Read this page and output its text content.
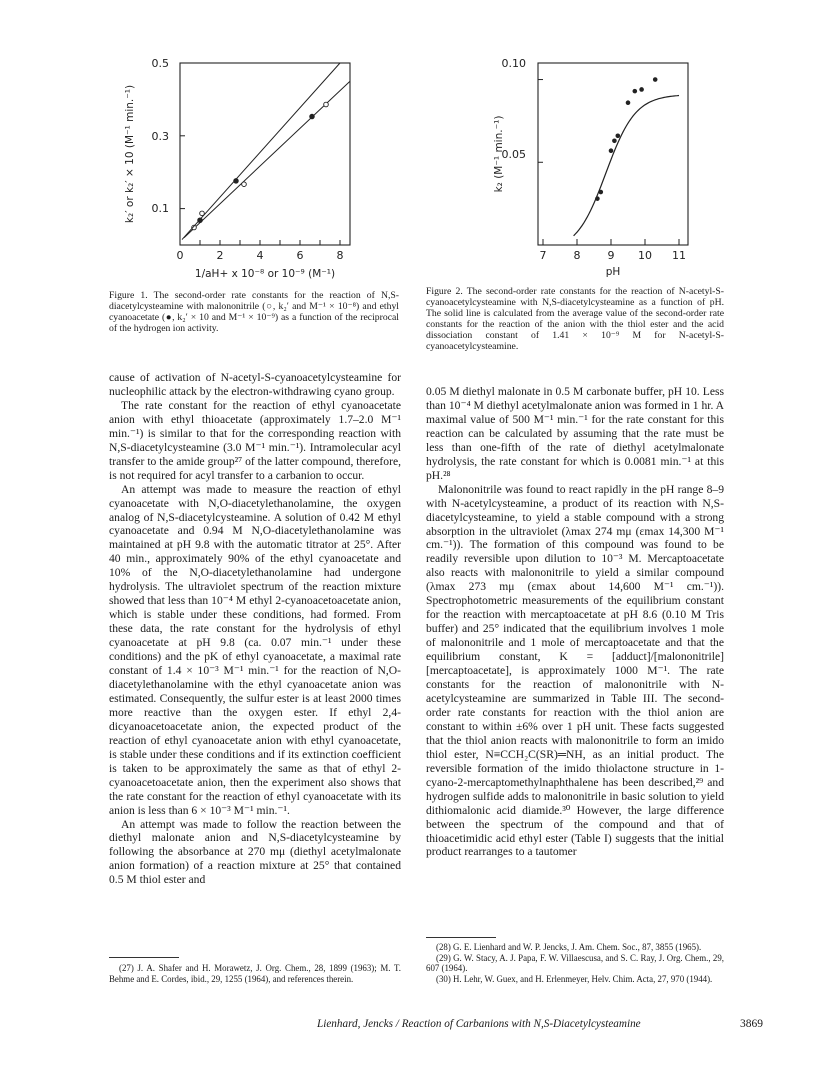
0.5
0.3
0.1
0	2	4	6	8
1/aH+ x 10⁻⁸ or 10⁻⁹ (M⁻¹)
k₂′ or k₂′ × 10 (M⁻¹ min.⁻¹)
Figure 1. The second-order rate constants for the reaction of N,S-diacetylcysteamine with malononitrile (○, k₂′ and M⁻¹ × 10⁻⁸) and ethyl cyanoacetate (●, k₂′ × 10 and M⁻¹ × 10⁻⁹) as a function of the reciprocal of the hydrogen ion activity.
0.10
0.05
7 8 9 10 11
pH
k₂ (M⁻¹ min.⁻¹)
Figure 2. The second-order rate constants for the reaction of N-acetyl-S-cyanoacetylcysteamine with N,S-diacetylcysteamine as a function of pH. The solid line is calculated from the average value of the second-order rate constants for the reaction of the anion with the thiol ester and the acid dissociation constant of 1.41 × 10⁻⁹ M for N-acetyl-S-cyanoacetylcysteamine.

cause of activation of N-acetyl-S-cyanoacetylcysteamine for nucleophilic attack by the electron-withdrawing cyano group.

The rate constant for the reaction of ethyl cyanoacetate anion with ethyl thioacetate (approximately 1.7–2.0 M⁻¹ min.⁻¹) is similar to that for the corresponding reaction with N,S-diacetylcysteamine (3.0 M⁻¹ min.⁻¹). Intramolecular acyl transfer to the amide group²⁷ of the latter compound, therefore, is not required for acyl transfer to a carbanion to occur.

An attempt was made to measure the reaction of ethyl cyanoacetate with N,O-diacetylethanolamine, the oxygen analog of N,S-diacetylcysteamine. A solution of 0.42 M ethyl cyanoacetate and 0.94 M N,O-diacetylethanolamine was maintained at pH 9.8 with the automatic titrator at 25°. After 40 min., approximately 90% of the ethyl cyanoacetate and 10% of the N,O-diacetylethanolamine had undergone hydrolysis. The ultraviolet spectrum of the reaction mixture showed that less than 10⁻⁴ M ethyl 2-cyanoacetoacetate anion, which is stable under these conditions, had formed. From these data, the rate constant for the hydrolysis of ethyl cyanoacetate at pH 9.8 (ca. 0.07 min.⁻¹ under these conditions) and the pK of ethyl cyanoacetate, a maximal rate constant of 1.4 × 10⁻³ M⁻¹ min.⁻¹ for the reaction of N,O-diacetylethanolamine with the ethyl cyanoacetate anion was estimated. Consequently, the sulfur ester is at least 2000 times more reactive than the oxygen ester. If ethyl 2,4-dicyanoacetoacetate anion, the expected product of the reaction of ethyl cyanoacetate anion with ethyl cyanoacetate, is stable under these conditions and if its extinction coefficient is taken to be approximately the same as that of ethyl 2-cyanoacetoacetate anion, then the experiment also shows that the rate constant for the reaction of ethyl cyanoacetate with its anion is less than 6 × 10⁻³ M⁻¹ min.⁻¹.

An attempt was made to follow the reaction between the diethyl malonate anion and N,S-diacetylcysteamine by following the absorbance at 270 mμ (diethyl acetylmalonate anion formation) of a reaction mixture at 25° that contained 0.5 M thiol ester and

(27) J. A. Shafer and H. Morawetz, J. Org. Chem., 28, 1899 (1963); M. T. Behme and E. Cordes, ibid., 29, 1255 (1964), and references therein.

0.05 M diethyl malonate in 0.5 M carbonate buffer, pH 10. Less than 10⁻⁴ M diethyl acetylmalonate anion was formed in 1 hr. A maximal value of 500 M⁻¹ min.⁻¹ for the rate constant for this reaction can be calculated by assuming that the rate must be less than one-fifth of the rate of diethyl acetylmalonate hydrolysis, the rate constant for which is 0.0081 min.⁻¹ at this pH.²⁸

Malononitrile was found to react rapidly in the pH range 8–9 with N-acetylcysteamine, a product of its reaction with N,S-diacetylcysteamine, to yield a stable compound with a strong absorption in the ultraviolet (λmax 274 mμ (εmax 14,300 M⁻¹ cm.⁻¹)). The formation of this compound was found to be readily reversible upon dilution to 10⁻³ M. Mercaptoacetate also reacts with malononitrile to yield a similar compound (λmax 273 mμ (εmax about 14,600 M⁻¹ cm.⁻¹)). Spectrophotometric measurements of the equilibrium constant for the reaction with mercaptoacetate at pH 8.6 (0.10 M Tris buffer) and 25° indicated that the equilibrium involves 1 mole of malononitrile and 1 mole of mercaptoacetate and that the equilibrium constant, K = [adduct]/[malononitrile][mercaptoacetate], is approximately 1000 M⁻¹. The rate constants for the reaction of malononitrile with N-acetylcysteamine are summarized in Table III. The second-order rate constants for reaction with the thiol anion are constant to within ±6% over 1 pH unit. These facts suggested that the thiol anion reacts with malononitrile to form an imido thiol ester, N≡CCH₂C(SR)═NH, as an initial product. The reversible formation of the imido thiolactone structure in 1-cyano-2-mercaptomethylnaphthalene has been described,²⁹ and hydrogen sulfide adds to malononitrile in basic solution to yield dithiomalonic acid diamide.³⁰ However, the large difference between the spectrum of the compound and that of thioacetimidic acid ethyl ester (Table I) suggests that the initial product rearranges to a tautomer

(28) G. E. Lienhard and W. P. Jencks, J. Am. Chem. Soc., 87, 3855 (1965).

(29) G. W. Stacy, A. J. Papa, F. W. Villaescusa, and S. C. Ray, J. Org. Chem., 29, 607 (1964).

(30) H. Lehr, W. Guex, and H. Erlenmeyer, Helv. Chim. Acta, 27, 970 (1944).

Lienhard, Jencks / Reaction of Carbanions with N,S-Diacetylcysteamine	3869
